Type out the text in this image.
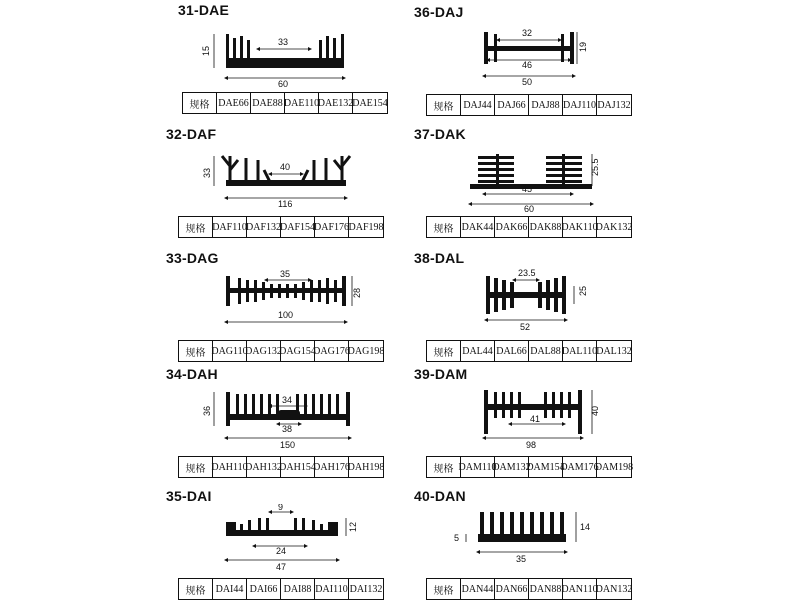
31-DAE
33
15
60
规格 DAE66 DAE88 DAE110
DAE132
DAE154
36-DAJ
32
19
46
50
规格 DAJ44 DAJ66 DAJ88 DAJ110 DAJ132
32-DAF
40
33
116
规格 DAF110 DAF132
DAF154
DAF176 DAF198
37-DAK
25.5
45
60
规格 DAK44 DAK66 DAK88 DAK110
DAK132
33-DAG
35
28
100
规格 DAG110
DAG132
DAG154
DAG176
DAG198
38-DAL
23.5
25
52
规格 DAL44 DAL66 DAL88 DAL110 DAL132
34-DAH
34
36
38
150
规格 DAH110
DAH132
DAH154
DAH176
DAH198
39-DAM
40
41
98
规格 DAM110
DAM132
DAM154
DAM176
DAM198
35-DAI
9
12
24
47
规格	DAI44 DAI66 DAI88 DAI110 DAI132
40-DAN
14
5
35
规格 DAN44 DAN66 DAN88 DAN110
DAN132
